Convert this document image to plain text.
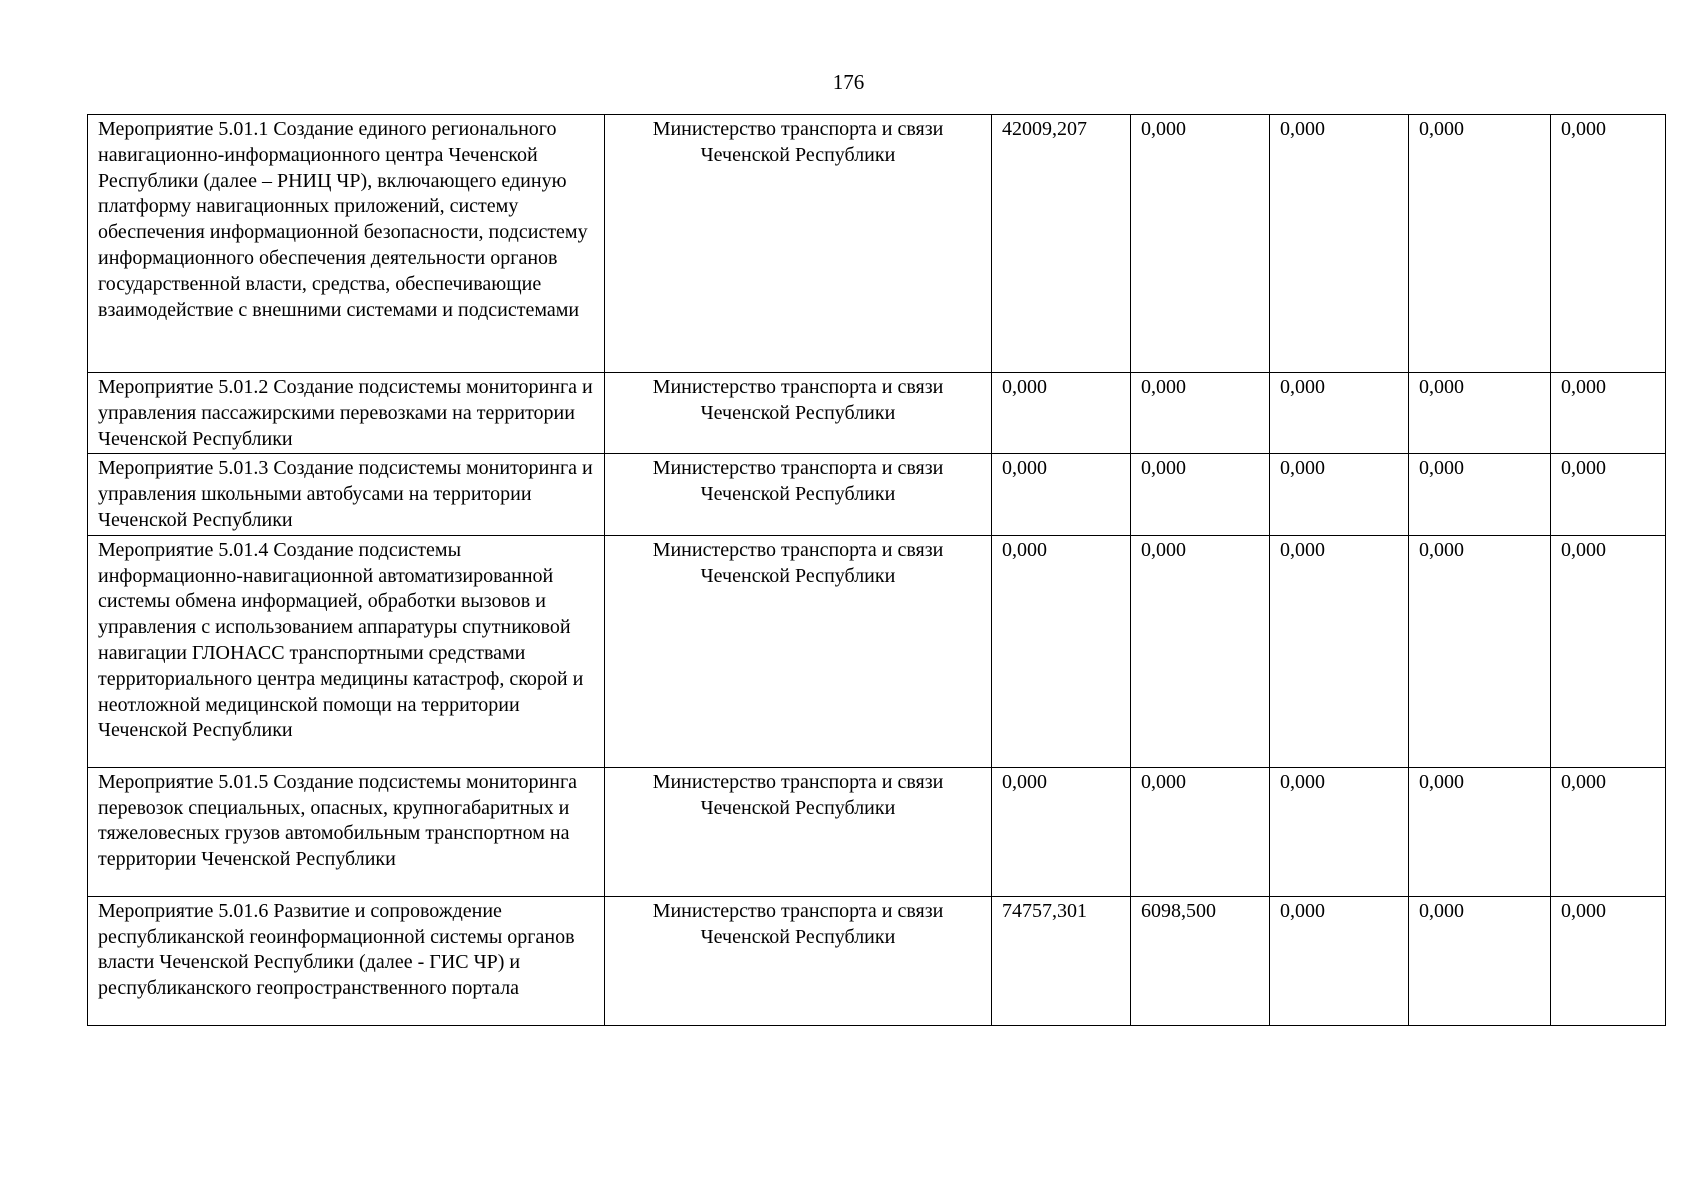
176
Мероприятие 5.01.1 Создание единого регионального навигационно-информационного центра Чеченской Республики (далее – РНИЦ ЧР), включающего единую платформу навигационных приложений, систему обеспечения информационной безопасности, подсистему информационного обеспечения деятельности органов государственной власти, средства, обеспечивающие взаимодействие с внешними системами и подсистемами	Министерство транспорта и связи Чеченской Республики	42009,207	0,000	0,000	0,000	0,000
Мероприятие 5.01.2 Создание подсистемы мониторинга и управления пассажирскими перевозками на территории Чеченской Республики	Министерство транспорта и связи Чеченской Республики	0,000	0,000	0,000	0,000	0,000
Мероприятие 5.01.3 Создание подсистемы мониторинга и управления школьными автобусами на территории Чеченской Республики	Министерство транспорта и связи Чеченской Республики	0,000	0,000	0,000	0,000	0,000
Мероприятие 5.01.4 Создание подсистемы информационно-навигационной автоматизированной системы обмена информацией, обработки вызовов и управления с использованием аппаратуры спутниковой навигации ГЛОНАСС транспортными средствами территориального центра медицины катастроф, скорой и неотложной медицинской помощи на территории Чеченской Республики	Министерство транспорта и связи Чеченской Республики	0,000	0,000	0,000	0,000	0,000
Мероприятие 5.01.5 Создание подсистемы мониторинга перевозок специальных, опасных, крупногабаритных и тяжеловесных грузов автомобильным транспортном на территории Чеченской Республики	Министерство транспорта и связи Чеченской Республики	0,000	0,000	0,000	0,000	0,000
Мероприятие 5.01.6 Развитие и сопровождение республиканской геоинформационной системы органов власти Чеченской Республики (далее - ГИС ЧР) и республиканского геопространственного портала	Министерство транспорта и связи Чеченской Республики	74757,301	6098,500	0,000	0,000	0,000
